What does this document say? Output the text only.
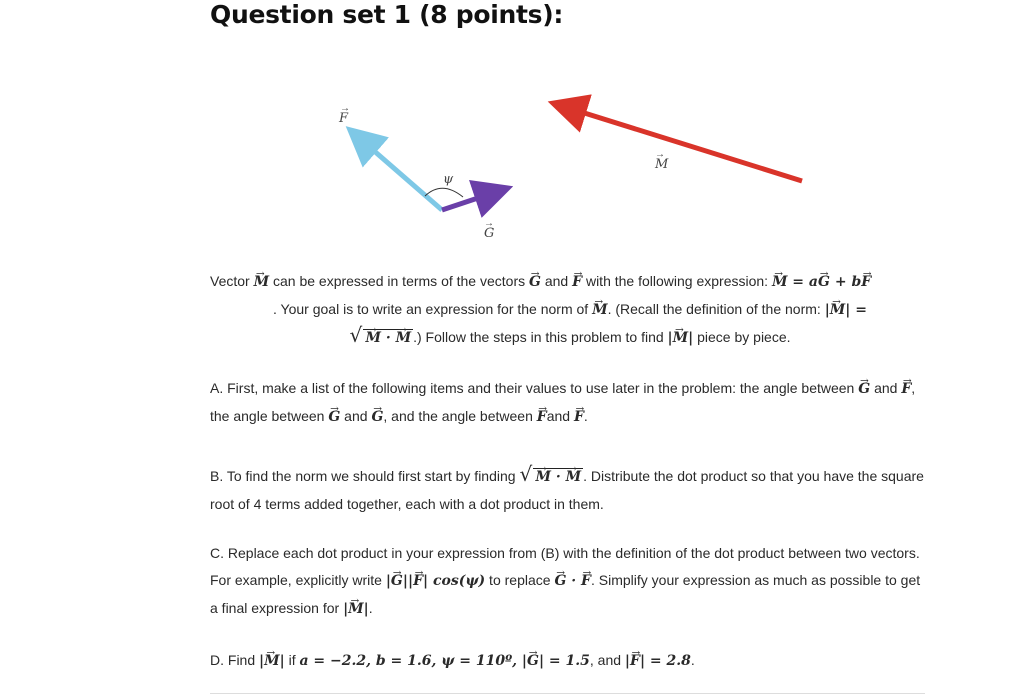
Question set 1 (8 points):
F
→
ψ
G
→
M
→
Vector → M can be expressed in terms of the vectors → G and → F with the following expression: → M = a→ G + b→ F
. Your goal is to write an expression for the norm of → M. (Recall the definition of the norm: |→ M| =
√ → M · → M .) Follow the steps in this problem to find |→ M| piece by piece.
A. First, make a list of the following items and their values to use later in the problem: the angle between → G and → F, the angle between → G and → G, and the angle between → Fand → F.
B. To find the norm we should first start by finding √ → M · → M . Distribute the dot product so that you have the square root of 4 terms added together, each with a dot product in them.
C. Replace each dot product in your expression from (B) with the definition of the dot product between two vectors. For example, explicitly write |→ G||→ F| cos(ψ) to replace → G · → F. Simplify your expression as much as possible to get a final expression for |→ M|.
D. Find |→ M| if a = −2.2, b = 1.6, ψ = 110º, |→ G| = 1.5, and |→ F| = 2.8.
